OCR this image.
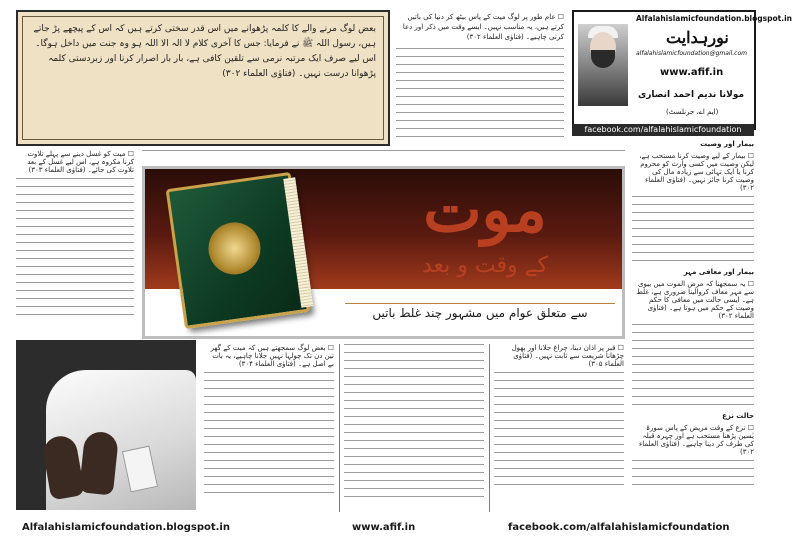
بعض لوگ مرنے والے کا کلمہ پڑھوانے میں اس قدر سختی کرتے ہیں کہ اس کے پیچھے پڑ جاتے ہیں، رسول اللہ ﷺ نے فرمایا: جس کا آخری کلام لا الہ الا اللہ ہو وہ جنت میں داخل ہوگا۔ اس لیے صرف ایک مرتبہ نرمی سے تلقین کافی ہے، بار بار اصرار کرنا اور زبردستی کلمہ پڑھوانا درست نہیں۔ (فتاوٰی العلماء ۳۰۲)
Alfalahislamicfoundation.blogspot.in
نورہدایت
alfalahislamicfoundation@gmail.com
www.afif.in
مولانا ندیم احمد انصاری
(ایم اے، جرنلسٹ)
facebook.com/alfalahislamicfoundation
☐ عام طور پر لوگ میت کے پاس بیٹھ کر دنیا کی باتیں کرتے ہیں، یہ مناسب نہیں۔ ایسے وقت میں ذکر اور دعا کرنی چاہیے۔ (فتاوٰی العلماء ۳۰۲)
بیمار اور وصیت
☐ بیمار کے لیے وصیت کرنا مستحب ہے، لیکن وصیت میں کسی وارث کو محروم کرنا یا ایک تہائی سے زیادہ مال کی وصیت کرنا جائز نہیں۔ (فتاوٰی العلماء ۳۰۲)
بیمار اور معافی مہر
☐ یہ سمجھنا کہ مرض الموت میں بیوی سے مہر معاف کروالینا ضروری ہے، غلط ہے۔ ایسی حالت میں معافی کا حکم وصیت کے حکم میں ہوتا ہے۔ (فتاوٰی العلماء ۳۰۲)
حالت نزع
☐ نزع کے وقت مریض کے پاس سورۂ یٰسین پڑھنا مستحب ہے اور چہرہ قبلہ کی طرف کر دینا چاہیے۔ (فتاوٰی العلماء ۳۰۲)
☐ میت کو غسل دینے سے پہلے تلاوت کرنا مکروہ ہے، اس لیے غسل کے بعد تلاوت کی جائے۔ (فتاوٰی العلماء ۳۰۳)
موت
کے وقت و بعد
سے متعلق عوام میں مشہور چند غلط باتیں
☐ بعض لوگ سمجھتے ہیں کہ میت کے گھر تین دن تک چولہا نہیں جلانا چاہیے، یہ بات بے اصل ہے۔ (فتاوٰی العلماء ۳۰۴)
☐ قبر پر اذان دینا، چراغ جلانا اور پھول چڑھانا شریعت سے ثابت نہیں۔ (فتاوٰی العلماء ۳۰۵)
Alfalahislamicfoundation.blogspot.in	www.afif.in	facebook.com/alfalahislamicfoundation
